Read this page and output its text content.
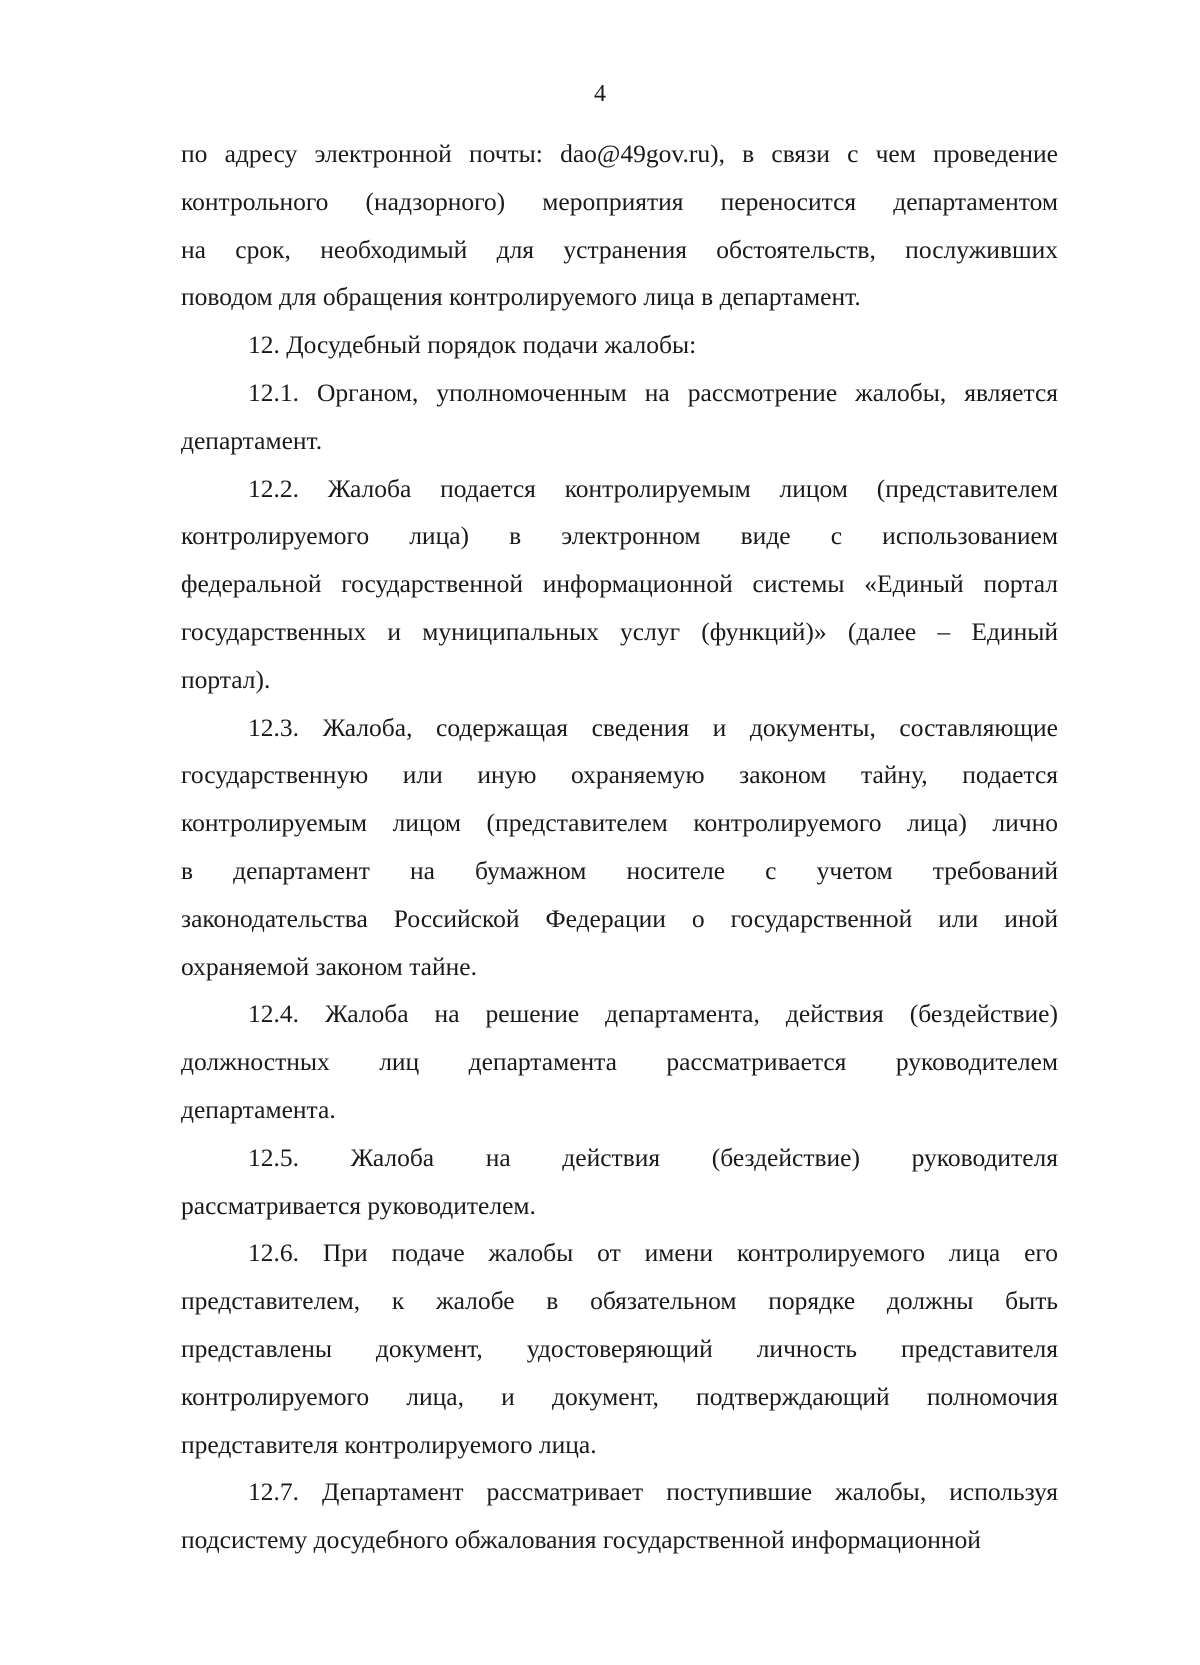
4
по адресу электронной почты: dao@49gov.ru), в связи с чем проведение
контрольного (надзорного) мероприятия переносится департаментом
на срок, необходимый для устранения обстоятельств, послуживших
поводом для обращения контролируемого лица в департамент.
12. Досудебный порядок подачи жалобы:
12.1. Органом, уполномоченным на рассмотрение жалобы, является
департамент.
12.2. Жалоба подается контролируемым лицом (представителем
контролируемого лица) в электронном виде с использованием
федеральной государственной информационной системы «Единый портал
государственных и муниципальных услуг (функций)» (далее – Единый
портал).
12.3. Жалоба, содержащая сведения и документы, составляющие
государственную или иную охраняемую законом тайну, подается
контролируемым лицом (представителем контролируемого лица) лично
в департамент на бумажном носителе с учетом требований
законодательства Российской Федерации о государственной или иной
охраняемой законом тайне.
12.4. Жалоба на решение департамента, действия (бездействие)
должностных лиц департамента рассматривается руководителем
департамента.
12.5. Жалоба на действия (бездействие) руководителя
рассматривается руководителем.
12.6. При подаче жалобы от имени контролируемого лица его
представителем, к жалобе в обязательном порядке должны быть
представлены документ, удостоверяющий личность представителя
контролируемого лица, и документ, подтверждающий полномочия
представителя контролируемого лица.
12.7. Департамент рассматривает поступившие жалобы, используя
подсистему досудебного обжалования государственной информационной
